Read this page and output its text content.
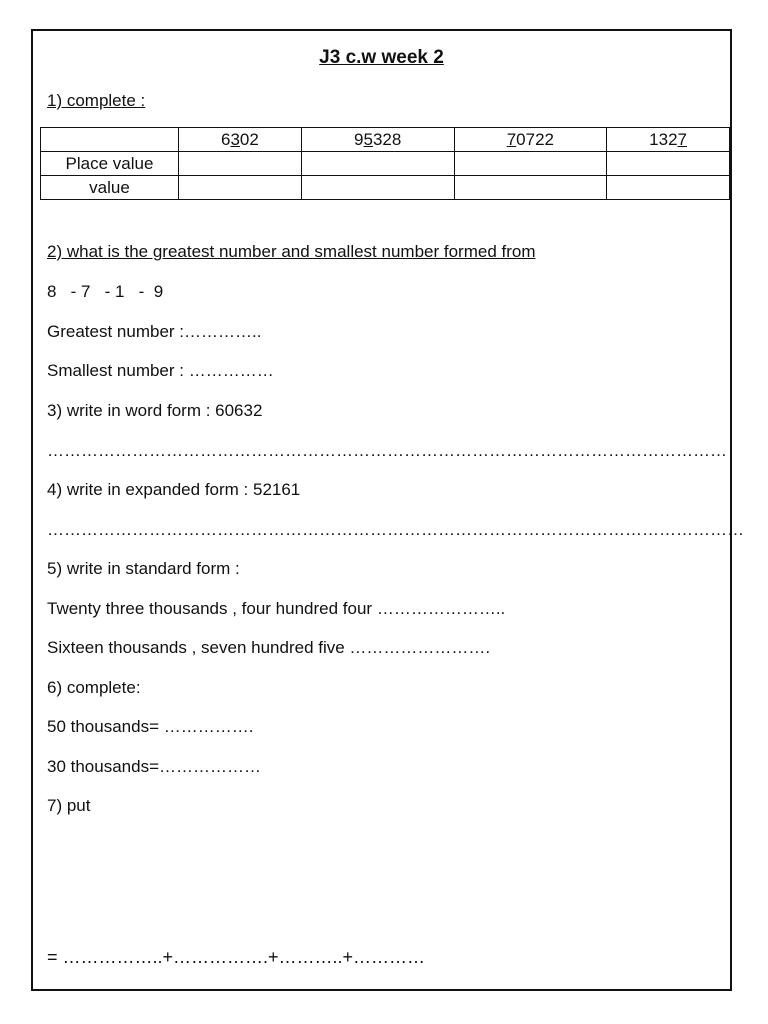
J3 c.w week 2
1) complete :
	6302	95328	70722	1327
Place value				
value				
2) what is the greatest number and smallest number formed from
8   - 7   - 1   -  9
Greatest number :…………..
Smallest number : ……………
3) write in word form : 60632
…………………………………………………………………………………………………………
4) write in expanded form : 52161
……………………………………………………………………………………………………………
5) write in standard form :
Twenty three thousands , four hundred four …………………..
Sixteen thousands , seven hundred five …………………….
6) complete:
50 thousands= …………….
30 thousands=………………
7) put
= ……………..+…………….+………..+…………
